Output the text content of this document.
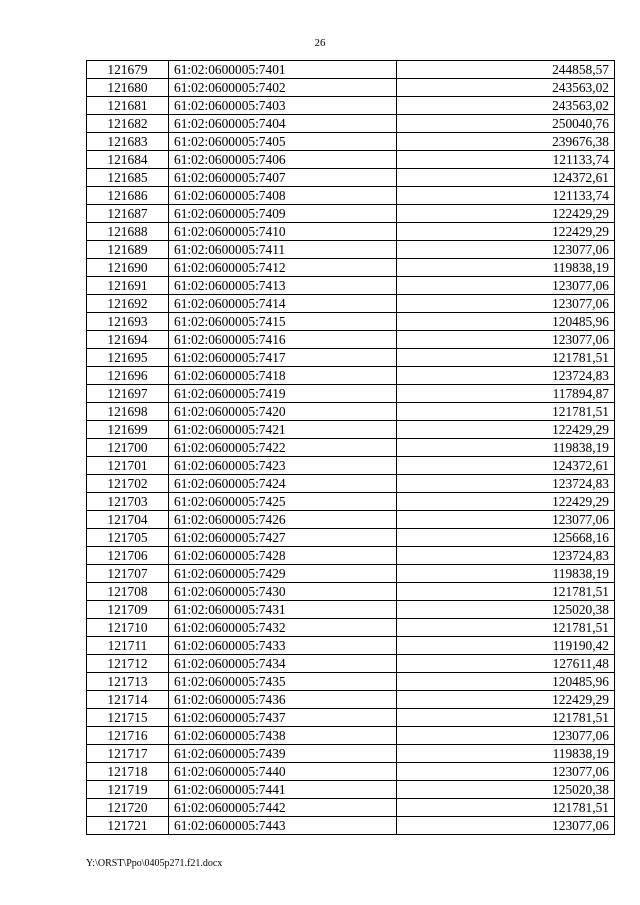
26
121679	61:02:0600005:7401	244858,57
121680	61:02:0600005:7402	243563,02
121681	61:02:0600005:7403	243563,02
121682	61:02:0600005:7404	250040,76
121683	61:02:0600005:7405	239676,38
121684	61:02:0600005:7406	121133,74
121685	61:02:0600005:7407	124372,61
121686	61:02:0600005:7408	121133,74
121687	61:02:0600005:7409	122429,29
121688	61:02:0600005:7410	122429,29
121689	61:02:0600005:7411	123077,06
121690	61:02:0600005:7412	119838,19
121691	61:02:0600005:7413	123077,06
121692	61:02:0600005:7414	123077,06
121693	61:02:0600005:7415	120485,96
121694	61:02:0600005:7416	123077,06
121695	61:02:0600005:7417	121781,51
121696	61:02:0600005:7418	123724,83
121697	61:02:0600005:7419	117894,87
121698	61:02:0600005:7420	121781,51
121699	61:02:0600005:7421	122429,29
121700	61:02:0600005:7422	119838,19
121701	61:02:0600005:7423	124372,61
121702	61:02:0600005:7424	123724,83
121703	61:02:0600005:7425	122429,29
121704	61:02:0600005:7426	123077,06
121705	61:02:0600005:7427	125668,16
121706	61:02:0600005:7428	123724,83
121707	61:02:0600005:7429	119838,19
121708	61:02:0600005:7430	121781,51
121709	61:02:0600005:7431	125020,38
121710	61:02:0600005:7432	121781,51
121711	61:02:0600005:7433	119190,42
121712	61:02:0600005:7434	127611,48
121713	61:02:0600005:7435	120485,96
121714	61:02:0600005:7436	122429,29
121715	61:02:0600005:7437	121781,51
121716	61:02:0600005:7438	123077,06
121717	61:02:0600005:7439	119838,19
121718	61:02:0600005:7440	123077,06
121719	61:02:0600005:7441	125020,38
121720	61:02:0600005:7442	121781,51
121721	61:02:0600005:7443	123077,06
Y:\ORST\Ppo\0405p271.f21.docx
